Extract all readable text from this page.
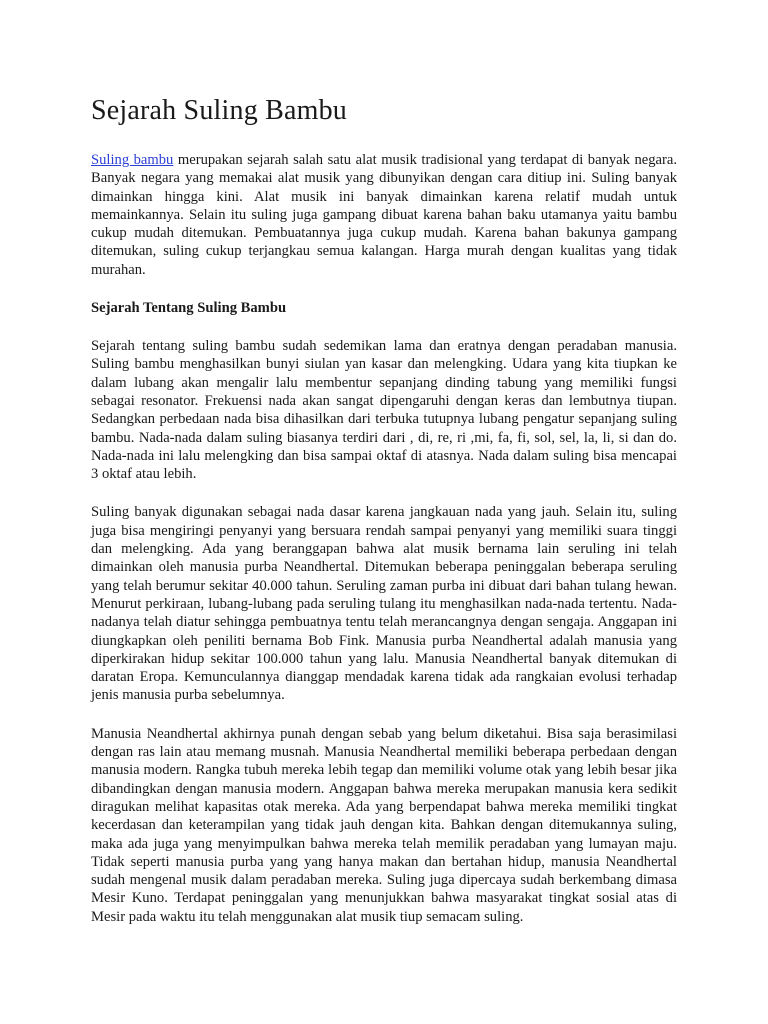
Sejarah Suling Bambu

Suling bambu merupakan sejarah salah satu alat musik tradisional yang terdapat di banyak negara. Banyak negara yang memakai alat musik yang dibunyikan dengan cara ditiup ini. Suling banyak dimainkan hingga kini. Alat musik ini banyak dimainkan karena relatif mudah untuk memainkannya. Selain itu suling juga gampang dibuat karena bahan baku utamanya yaitu bambu cukup mudah ditemukan. Pembuatannya juga cukup mudah. Karena bahan bakunya gampang ditemukan, suling cukup terjangkau semua kalangan. Harga murah dengan kualitas yang tidak murahan.

Sejarah Tentang Suling Bambu

Sejarah tentang suling bambu sudah sedemikan lama dan eratnya dengan peradaban manusia. Suling bambu menghasilkan bunyi siulan yan kasar dan melengking. Udara yang kita tiupkan ke dalam lubang akan mengalir lalu membentur sepanjang dinding tabung yang memiliki fungsi sebagai resonator. Frekuensi nada akan sangat dipengaruhi dengan keras dan lembutnya tiupan. Sedangkan perbedaan nada bisa dihasilkan dari terbuka tutupnya lubang pengatur sepanjang suling bambu. Nada-nada dalam suling biasanya terdiri dari , di, re, ri ,mi, fa, fi, sol, sel, la, li, si dan do. Nada-nada ini lalu melengking dan bisa sampai oktaf di atasnya. Nada dalam suling bisa mencapai 3 oktaf atau lebih.

Suling banyak digunakan sebagai nada dasar karena jangkauan nada yang jauh. Selain itu, suling juga bisa mengiringi penyanyi yang bersuara rendah sampai penyanyi yang memiliki suara tinggi dan melengking. Ada yang beranggapan bahwa alat musik bernama lain seruling ini telah dimainkan oleh manusia purba Neandhertal. Ditemukan beberapa peninggalan beberapa seruling yang telah berumur sekitar 40.000 tahun. Seruling zaman purba ini dibuat dari bahan tulang hewan. Menurut perkiraan, lubang-lubang pada seruling tulang itu menghasilkan nada-nada tertentu. Nada-nadanya telah diatur sehingga pembuatnya tentu telah merancangnya dengan sengaja. Anggapan ini diungkapkan oleh peniliti bernama Bob Fink. Manusia purba Neandhertal adalah manusia yang diperkirakan hidup sekitar 100.000 tahun yang lalu. Manusia Neandhertal banyak ditemukan di daratan Eropa. Kemunculannya dianggap mendadak karena tidak ada rangkaian evolusi terhadap jenis manusia purba sebelumnya.

Manusia Neandhertal akhirnya punah dengan sebab yang belum diketahui. Bisa saja berasimilasi dengan ras lain atau memang musnah. Manusia Neandhertal memiliki beberapa perbedaan dengan manusia modern. Rangka tubuh mereka lebih tegap dan memiliki volume otak yang lebih besar jika dibandingkan dengan manusia modern. Anggapan bahwa mereka merupakan manusia kera sedikit diragukan melihat kapasitas otak mereka. Ada yang berpendapat bahwa mereka memiliki tingkat kecerdasan dan keterampilan yang tidak jauh dengan kita. Bahkan dengan ditemukannya suling, maka ada juga yang menyimpulkan bahwa mereka telah memilik peradaban yang lumayan maju. Tidak seperti manusia purba yang yang hanya makan dan bertahan hidup, manusia Neandhertal sudah mengenal musik dalam peradaban mereka. Suling juga dipercaya sudah berkembang dimasa Mesir Kuno. Terdapat peninggalan yang menunjukkan bahwa masyarakat tingkat sosial atas di Mesir pada waktu itu telah menggunakan alat musik tiup semacam suling.
